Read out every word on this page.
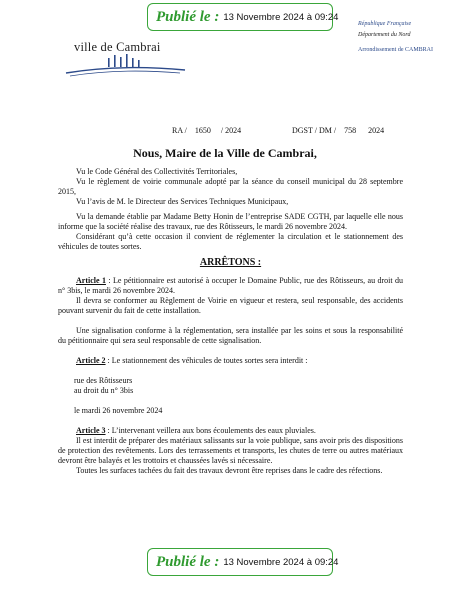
Publié le : 13 Novembre 2024 à 09:24
ville de Cambrai
République Française
Département du Nord
Arrondissement de CAMBRAI
RA /    1650     / 2024	DGST / DM /    758      2024
Nous, Maire de la Ville de Cambrai,

Vu le Code Général des Collectivités Territoriales,

Vu le règlement de voirie communale adopté par la séance du conseil municipal du 28 septembre 2015,

Vu l’avis de M. le Directeur des Services Techniques Municipaux,

Vu la demande établie par Madame Betty Honin de l’entreprise SADE CGTH, par laquelle elle nous informe que la société réalise des travaux, rue des Rôtisseurs, le mardi 26 novembre 2024.

Considérant qu’à cette occasion il convient de réglementer la circulation et le stationnement des véhicules de toutes sortes.

ARRÊTONS :

Article 1 : Le pétitionnaire est autorisé à occuper le Domaine Public, rue des Rôtisseurs, au droit du n° 3bis, le mardi 26 novembre 2024.

Il devra se conformer au Règlement de Voirie en vigueur et restera, seul responsable, des accidents pouvant survenir du fait de cette installation.

Une signalisation conforme à la réglementation, sera installée par les soins et sous la responsabilité du pétitionnaire qui sera seul responsable de cette signalisation.

Article 2 : Le stationnement des véhicules de toutes sortes sera interdit :

rue des Rôtisseurs

au droit du n° 3bis

le mardi 26 novembre 2024

Article 3 : L’intervenant veillera aux bons écoulements des eaux pluviales.

Il est interdit de préparer des matériaux salissants sur la voie publique, sans avoir pris des dispositions de protection des revêtements. Lors des terrassements et transports, les chutes de terre ou autres matériaux devront être balayés et les trottoirs et chaussées lavés si nécessaire.

Toutes les surfaces tachées du fait des travaux devront être reprises dans le cadre des réfections.

Publié le : 13 Novembre 2024 à 09:24
